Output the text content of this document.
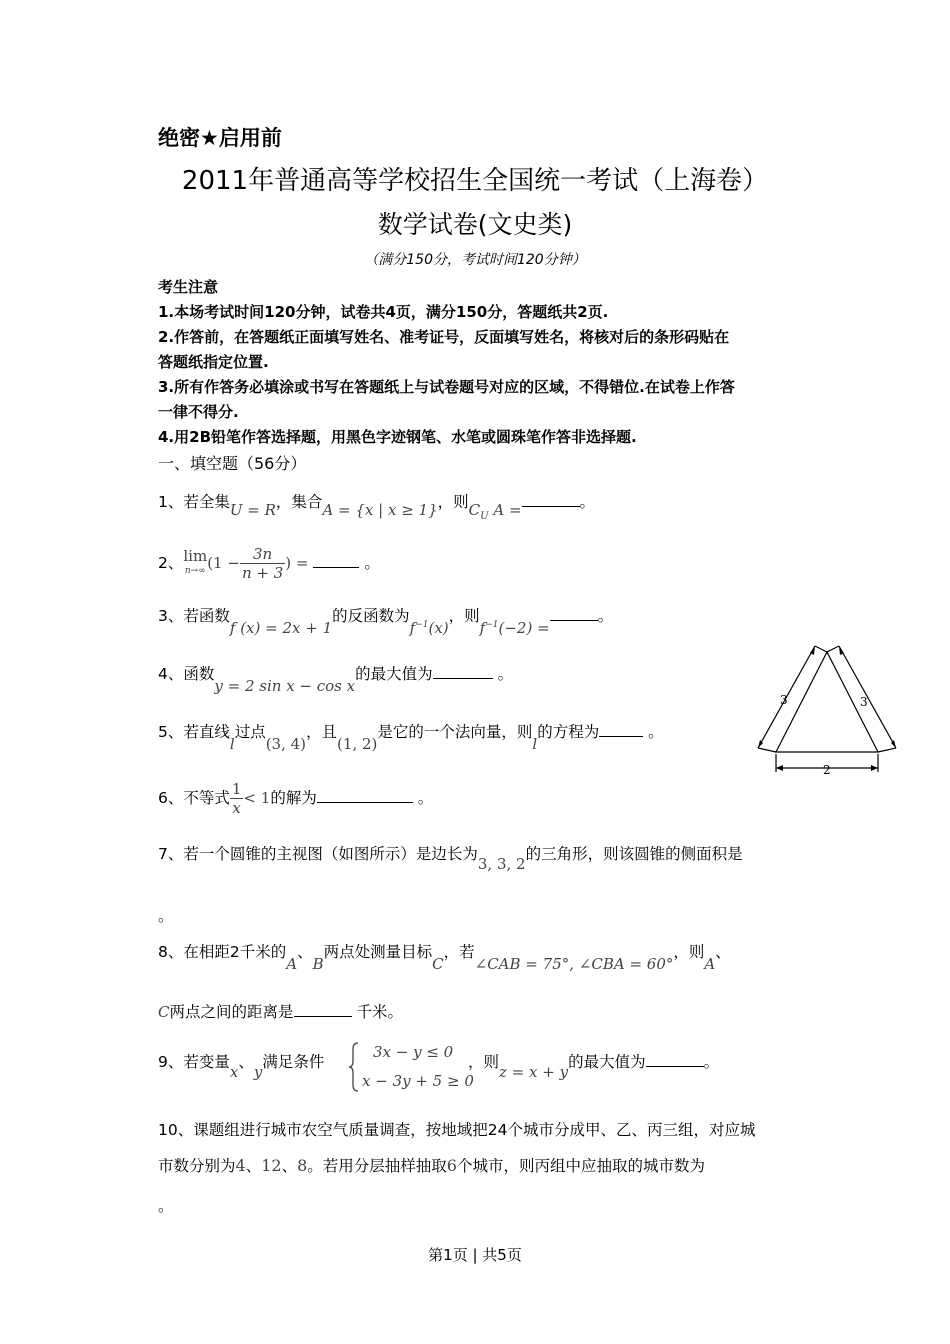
绝密★启用前
2011年普通高等学校招生全国统一考试（上海卷）
数学试卷(文史类)
（满分150分，考试时间120分钟）
考生注意
1.本场考试时间120分钟，试卷共4页，满分150分，答题纸共2页.
2.作答前，在答题纸正面填写姓名、准考证号，反面填写姓名，将核对后的条形码贴在
答题纸指定位置.
3.所有作答务必填涂或书写在答题纸上与试卷题号对应的区域，不得错位.在试卷上作答
一律不得分.
4.用2B铅笔作答选择题，用黑色字迹钢笔、水笔或圆珠笔作答非选择题.
一、填空题（56分）
1、若全集U = R，集合A = {x | x ≥ 1}，则$C_U$ A =	。
2、lim
n→∞ ($1 - \frac{3n}{n + 3}$ ) =	。
3、若函数f (x) = 2x + 1的反函数为$f^{-1}(x)$，则$f^{-1}(-2)$ =。
4、函数y = 2 sin x − cos x的最大值为	。
5、若直线l过点(3, 4)，且(1, 2)是它的一个法向量，则l的方程为	。
6、不等式 $\frac{1}{x} < 1$的解为	。
7、若一个圆锥的主视图（如图所示）是边长为3, 3, 2的三角形，则该圆锥的侧面积是
。
8、在相距2千米的A、B两点处测量目标C，若∠CAB = 75°, ∠CBA = 60°，则A、
C两点之间的距离是	千米。
9、若变量x、y满足条件
3x − y ≤ 0
x − 3y + 5 ≥ 0
，则z = x + y的最大值为	。
10、课题组进行城市农空气质量调查，按地域把24个城市分成甲、乙、丙三组，对应城
市数分别为4、12、8。若用分层抽样抽取6个城市，则丙组中应抽取的城市数为
。
3	3
2
第1页 | 共5页
